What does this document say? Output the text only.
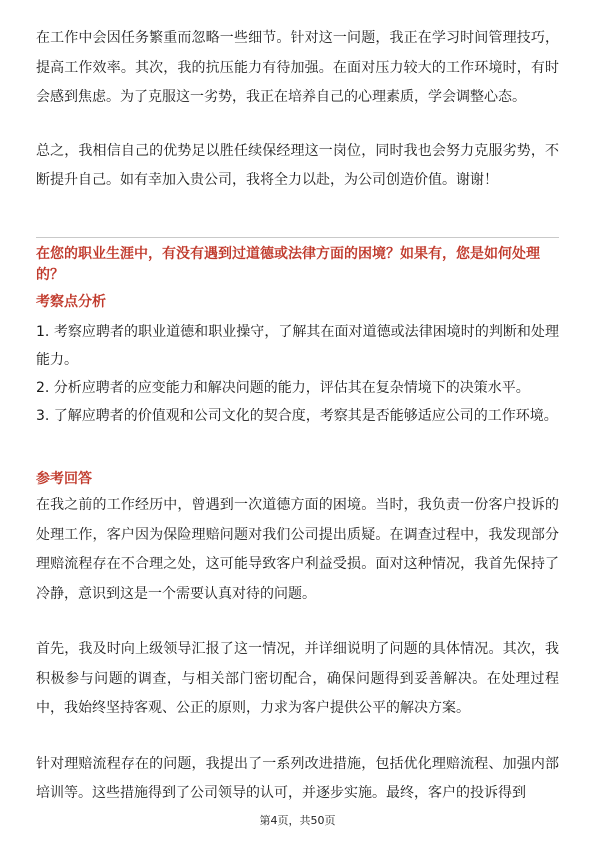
在工作中会因任务繁重而忽略一些细节。针对这一问题，我正在学习时间管理技巧，提高工作效率。其次，我的抗压能力有待加强。在面对压力较大的工作环境时，有时会感到焦虑。为了克服这一劣势，我正在培养自己的心理素质，学会调整心态。

总之，我相信自己的优势足以胜任续保经理这一岗位，同时我也会努力克服劣势，不断提升自己。如有幸加入贵公司，我将全力以赴，为公司创造价值。谢谢！

在您的职业生涯中，有没有遇到过道德或法律方面的困境？如果有，您是如何处理的？
考察点分析

1. 考察应聘者的职业道德和职业操守，了解其在面对道德或法律困境时的判断和处理能力。

2. 分析应聘者的应变能力和解决问题的能力，评估其在复杂情境下的决策水平。

3. 了解应聘者的价值观和公司文化的契合度，考察其是否能够适应公司的工作环境。

参考回答

在我之前的工作经历中，曾遇到一次道德方面的困境。当时，我负责一份客户投诉的处理工作，客户因为保险理赔问题对我们公司提出质疑。在调查过程中，我发现部分理赔流程存在不合理之处，这可能导致客户利益受损。面对这种情况，我首先保持了冷静，意识到这是一个需要认真对待的问题。

首先，我及时向上级领导汇报了这一情况，并详细说明了问题的具体情况。其次，我积极参与问题的调查，与相关部门密切配合，确保问题得到妥善解决。在处理过程中，我始终坚持客观、公正的原则，力求为客户提供公平的解决方案。

针对理赔流程存在的问题，我提出了一系列改进措施，包括优化理赔流程、加强内部培训等。这些措施得到了公司领导的认可，并逐步实施。最终，客户的投诉得到

第4页，共50页
